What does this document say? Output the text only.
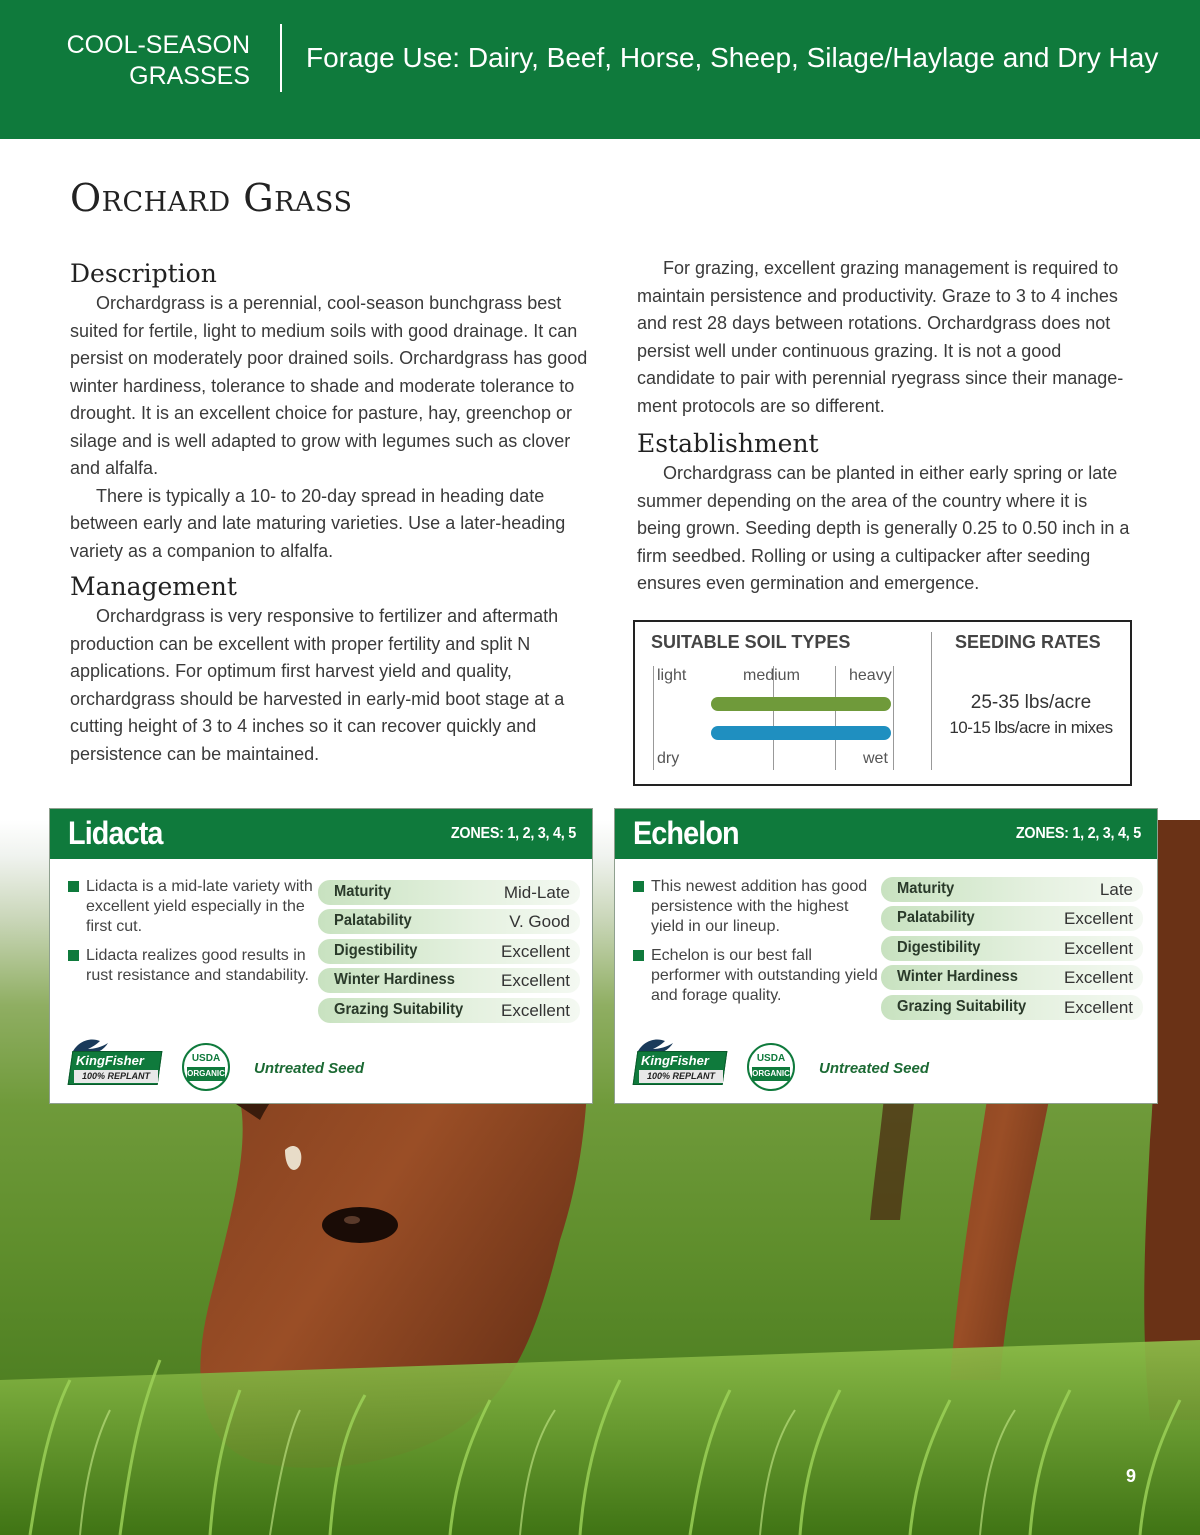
COOL-SEASON
GRASSES
Forage Use: Dairy, Beef, Horse, Sheep, Silage/Haylage and Dry Hay
Orchard Grass
Description

Orchardgrass is a perennial, cool-season bunchgrass best suited for fertile, light to medium soils with good drainage. It can persist on moderately poor drained soils. Orchardgrass has good winter hardiness, tolerance to shade and moderate tolerance to drought. It is an excellent choice for pasture, hay, greenchop or silage and is well adapted to grow with legumes such as clover and alfalfa.

There is typically a 10- to 20-day spread in heading date between early and late maturing varieties. Use a later-heading variety as a companion to alfalfa.

Management

Orchardgrass is very responsive to fertilizer and aftermath production can be excellent with proper fertility and split N applications. For optimum first harvest yield and quality, orchardgrass should be harvested in early-mid boot stage at a cutting height of 3 to 4 inches so it can recover quickly and persistence can be maintained.

For grazing, excellent grazing management is required to maintain persistence and productivity. Graze to 3 to 4 inches and rest 28 days between rotations. Orchardgrass does not persist well under continuous grazing. It is not a good candidate to pair with perennial ryegrass since their manage- ment protocols are so different.

Establishment

Orchardgrass can be planted in either early spring or late summer depending on the area of the country where it is being grown. Seeding depth is generally 0.25 to 0.50 inch in a firm seedbed. Rolling or using a cultipacker after seeding ensures even germination and emergence.

SUITABLE SOIL TYPES	SEEDING RATES
light	medium	heavy
dry	wet
25-35 lbs/acre
10-15 lbs/acre in mixes
Lidacta	ZONES: 1, 2, 3, 4, 5
Lidacta is a mid-late variety with excellent yield especially in the first cut.
Lidacta realizes good results in rust resistance and standability.
Maturity	Mid-Late
Palatability	V. Good
Digestibility	Excellent
Winter Hardiness	Excellent
Grazing Suitability Excellent
KingFisher
100% REPLANT
USDA
ORGANIC Untreated Seed
Echelon	ZONES: 1, 2, 3, 4, 5
This newest addition has good persistence with the highest yield in our lineup.
Echelon is our best fall performer with outstanding yield and forage quality.
Maturity	Late
Palatability	Excellent
Digestibility	Excellent
Winter Hardiness	Excellent
Grazing Suitability Excellent
KingFisher
100% REPLANT
USDA
ORGANIC Untreated Seed
9
